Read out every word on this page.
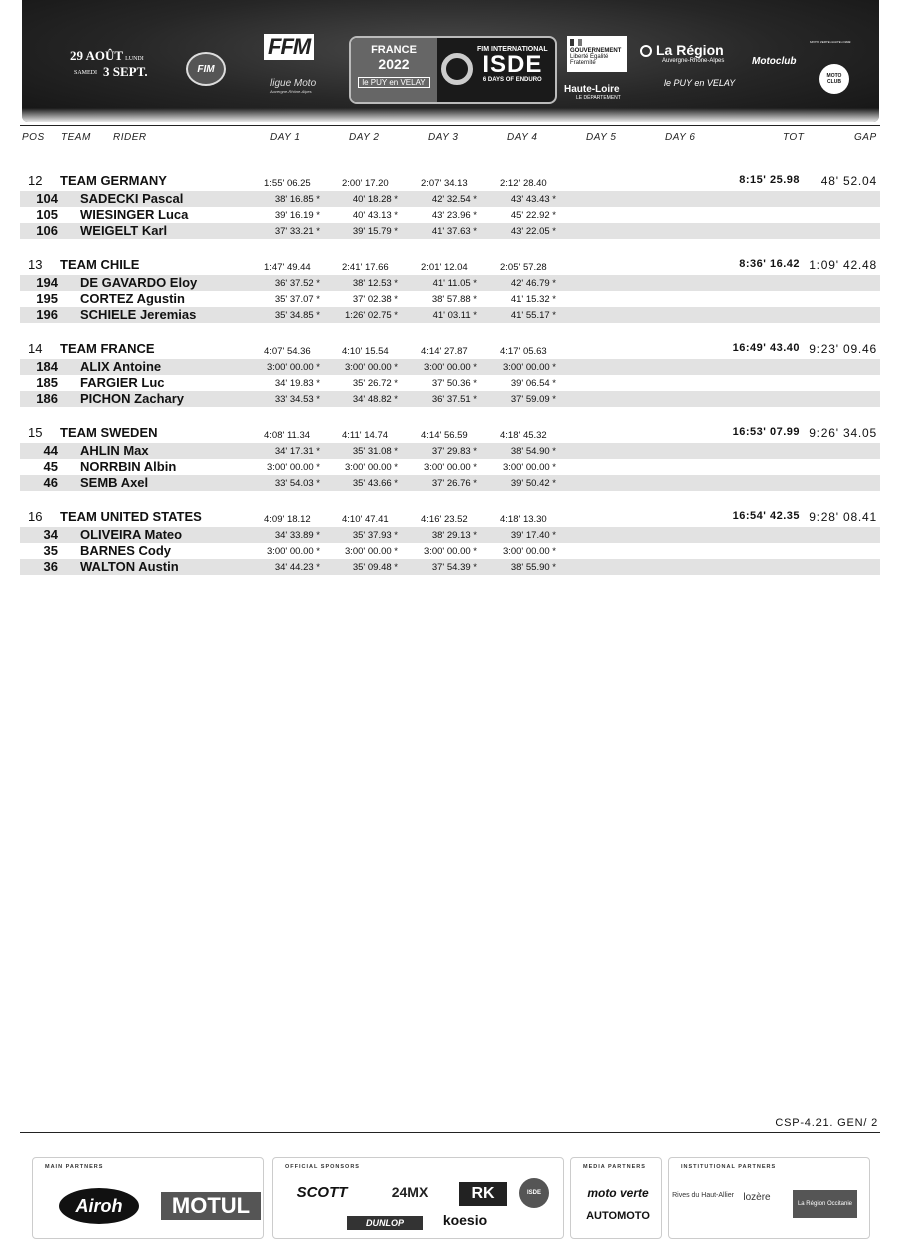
29 AOÛT LUNDI
SAMEDI 3 SEPT.	FIM
FFM
ligue Moto
Auvergne-Rhône-Alpes
FRANCE
2022
le PUY en VELAY
FIM INTERNATIONAL
ISDE
6 DAYS OF ENDURO
GOUVERNEMENT
Liberté Égalité Fraternité
La Région
Auvergne-Rhône-Alpes
Haute-Loire
LE DÉPARTEMENT
le PUY en VELAY
Motoclub
MOTO VERTE HAUTE LOIRE
MOTO CLUB
POS TEAM RIDER	DAY 1	DAY 2	DAY 3	DAY 4	DAY 5	DAY 6	TOT	GAP
12 TEAM GERMANY	1:55' 06.25	2:00' 17.20	2:07' 34.13	2:12' 28.40	8:15' 25.98 48' 52.04
104 SADECKI Pascal	38' 16.85 *	40' 18.28 *	42' 32.54 *	43' 43.43 *
105 WIESINGER Luca	39' 16.19 *	40' 43.13 *	43' 23.96 *	45' 22.92 *
106 WEIGELT Karl	37' 33.21 *	39' 15.79 *	41' 37.63 *	43' 22.05 *
13 TEAM CHILE	1:47' 49.44	2:41' 17.66	2:01' 12.04	2:05' 57.28	8:36' 16.42 1:09' 42.48
194 DE GAVARDO Eloy	36' 37.52 *	38' 12.53 *	41' 11.05 *	42' 46.79 *
195 CORTEZ Agustin	35' 37.07 *	37' 02.38 *	38' 57.88 *	41' 15.32 *
196 SCHIELE Jeremias	35' 34.85 *	1:26' 02.75 *	41' 03.11 *	41' 55.17 *
14 TEAM FRANCE	4:07' 54.36	4:10' 15.54	4:14' 27.87	4:17' 05.63	16:49' 43.40 9:23' 09.46
184 ALIX Antoine	3:00' 00.00 *	3:00' 00.00 *	3:00' 00.00 *	3:00' 00.00 *
185 FARGIER Luc	34' 19.83 *	35' 26.72 *	37' 50.36 *	39' 06.54 *
186 PICHON Zachary	33' 34.53 *	34' 48.82 *	36' 37.51 *	37' 59.09 *
15 TEAM SWEDEN	4:08' 11.34	4:11' 14.74	4:14' 56.59	4:18' 45.32	16:53' 07.99 9:26' 34.05
44 AHLIN Max	34' 17.31 *	35' 31.08 *	37' 29.83 *	38' 54.90 *
45 NORRBIN Albin	3:00' 00.00 *	3:00' 00.00 *	3:00' 00.00 *	3:00' 00.00 *
46 SEMB Axel	33' 54.03 *	35' 43.66 *	37' 26.76 *	39' 50.42 *
16 TEAM UNITED STATES	4:09' 18.12	4:10' 47.41	4:16' 23.52	4:18' 13.30	16:54' 42.35 9:28' 08.41
34 OLIVEIRA Mateo	34' 33.89 *	35' 37.93 *	38' 29.13 *	39' 17.40 *
35 BARNES Cody	3:00' 00.00 *	3:00' 00.00 *	3:00' 00.00 *	3:00' 00.00 *
36 WALTON Austin	34' 44.23 *	35' 09.48 *	37' 54.39 *	38' 55.90 *
CSP-4.21. GEN/ 2
MAIN PARTNERS
Airoh	MOTUL
OFFICIAL SPONSORS
SCOTT	24MX	RK	ISDE
DUNLOP	koesio
MEDIA PARTNERS
moto verte
AUTOMOTO
INSTITUTIONAL PARTNERS
Rives du Haut-Allier lozère
La Région Occitanie
